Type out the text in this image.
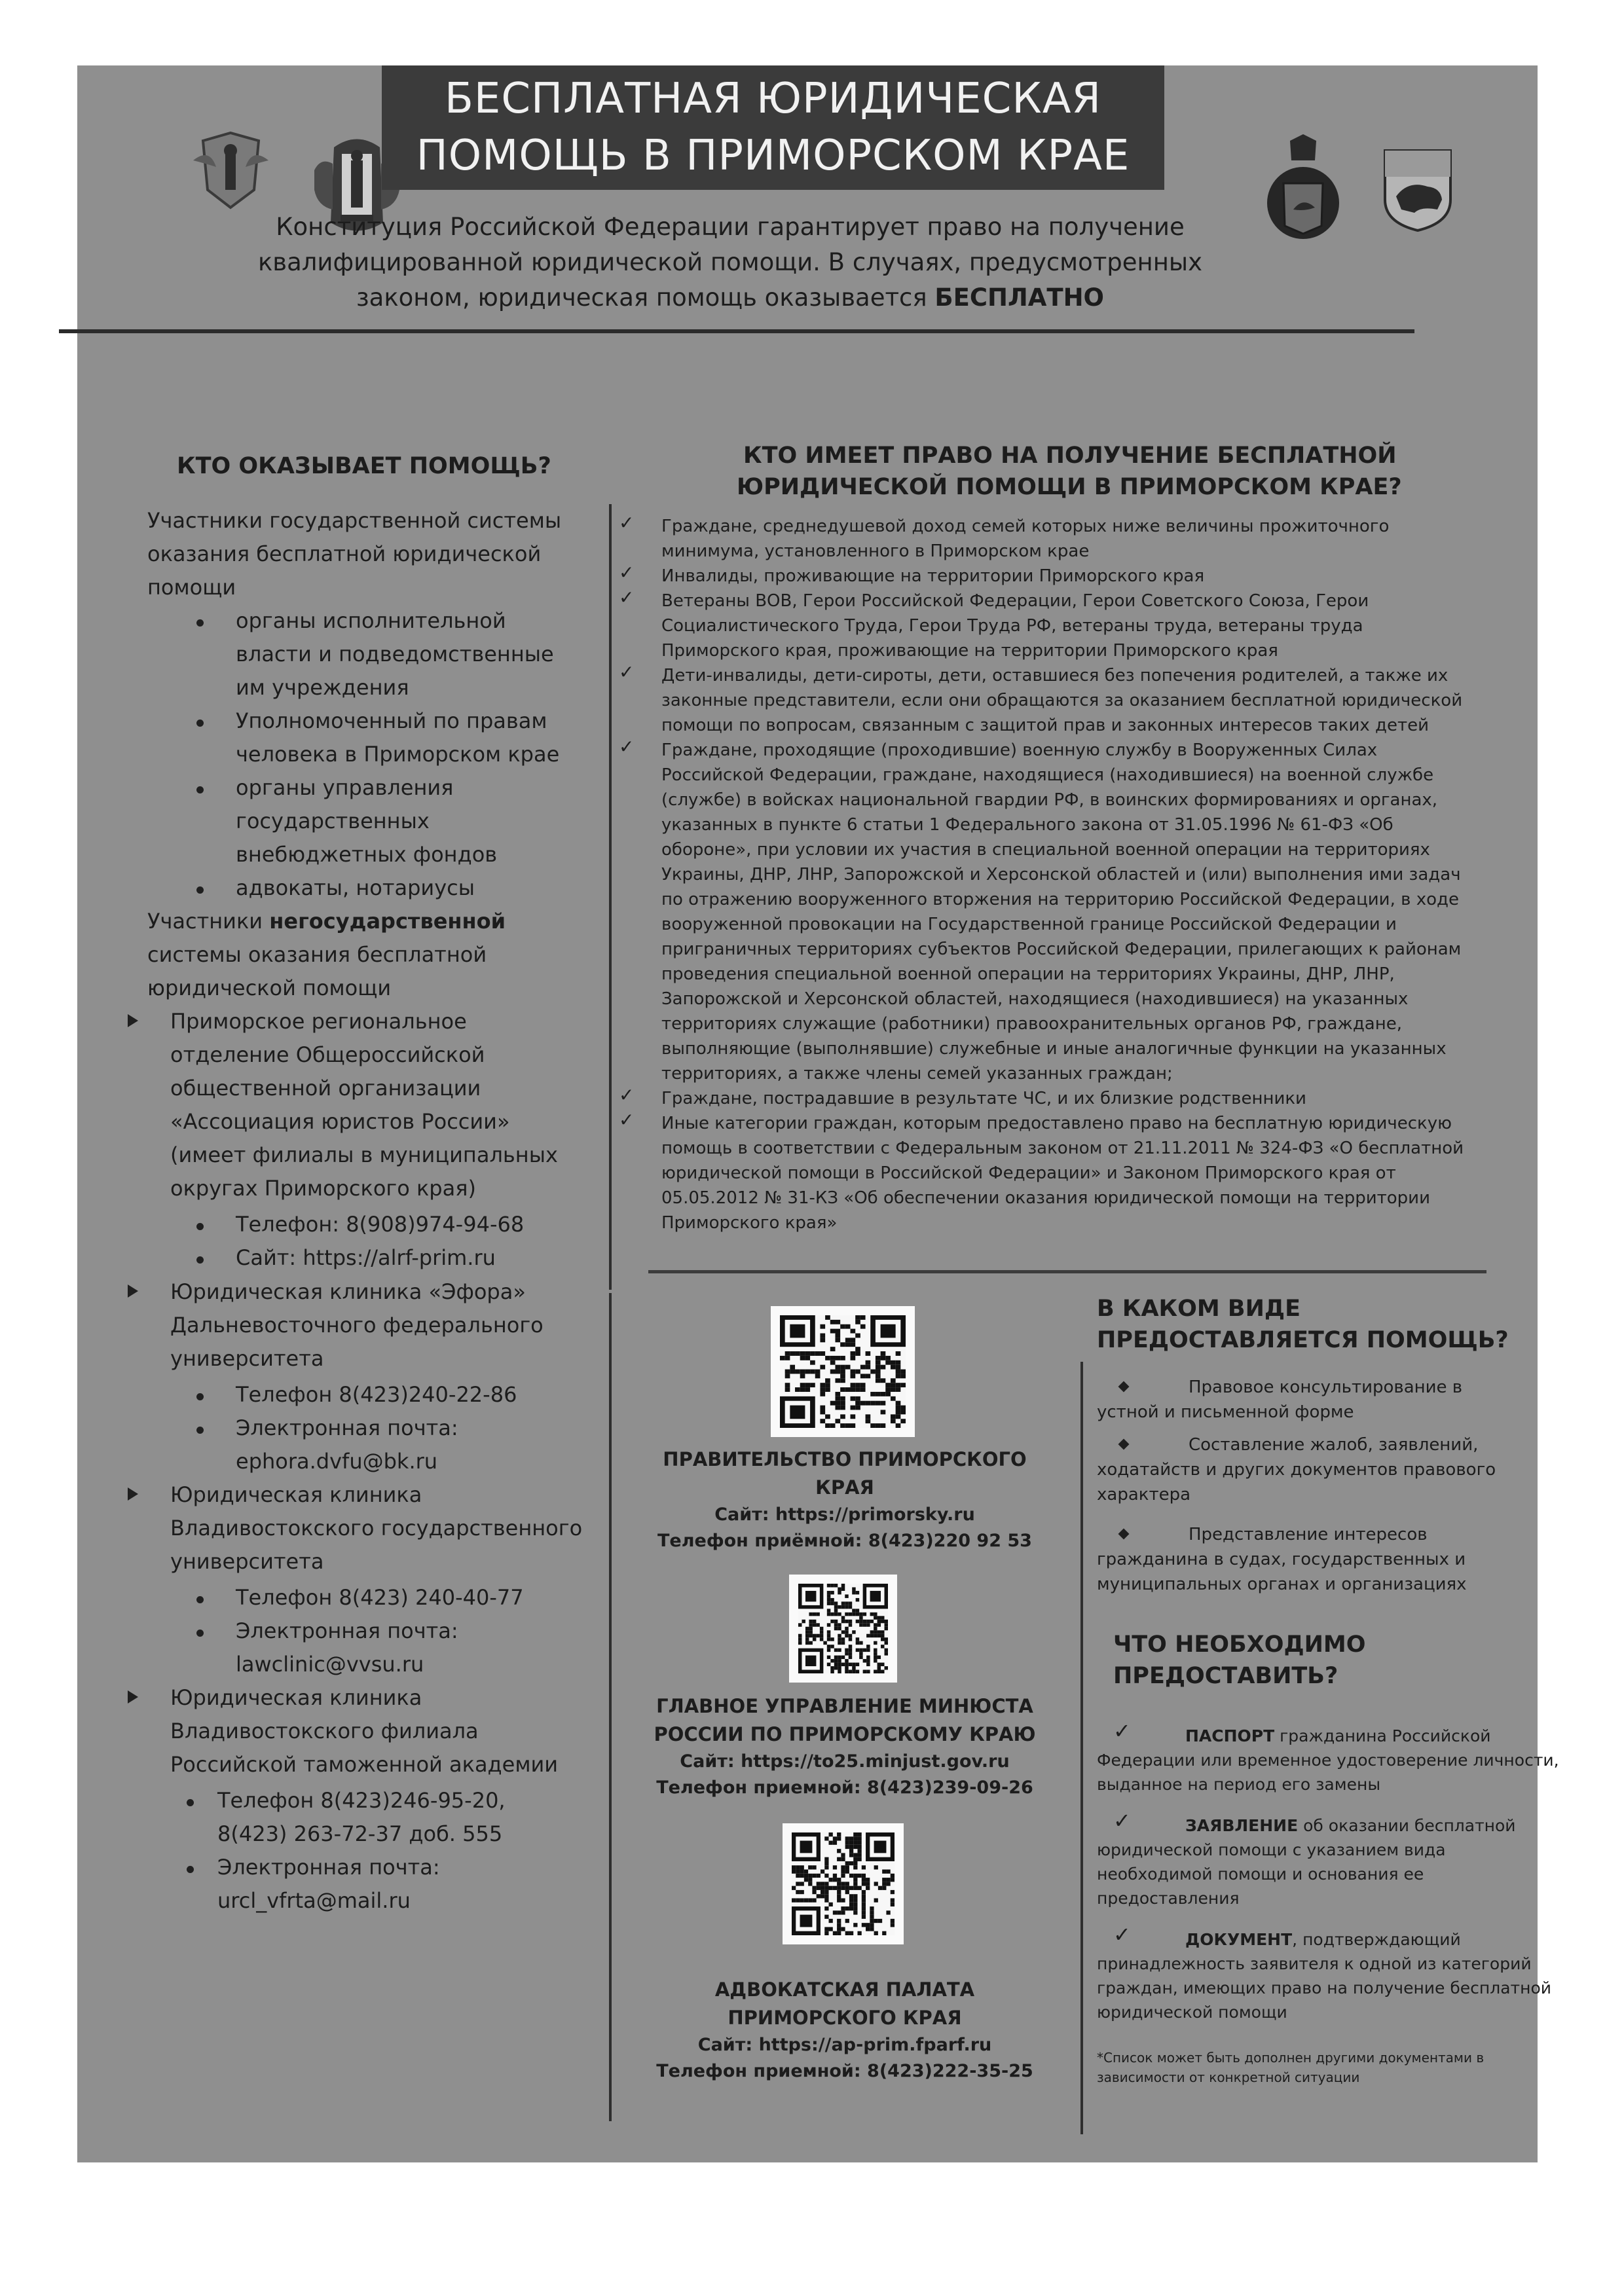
БЕСПЛАТНАЯ ЮРИДИЧЕСКАЯ
ПОМОЩЬ В ПРИМОРСКОМ КРАЕ
Конституция Российской Федерации гарантирует право на получение
квалифицированной юридической помощи. В случаях, предусмотренных
законом, юридическая помощь оказывается БЕСПЛАТНО

КТО ОКАЗЫВАЕТ ПОМОЩЬ?

Участники государственной системы

оказания бесплатной юридической

помощи

органы исполнительной

власти и подведомственные

им учреждения

Уполномоченный по правам

человека в Приморском крае

органы управления

государственных

внебюджетных фондов

адвокаты, нотариусы

Участники негосударственной

системы оказания бесплатной

юридической помощи

Приморское региональное

отделение Общероссийской

общественной организации

«Ассоциация юристов России»

(имеет филиалы в муниципальных

округах Приморского края)

Телефон: 8(908)974-94-68

Сайт: https://alrf-prim.ru

Юридическая клиника «Эфора»

Дальневосточного федерального

университета

Телефон 8(423)240-22-86

Электронная почта:

ephora.dvfu@bk.ru

Юридическая клиника

Владивостокского государственного

университета

Телефон 8(423) 240-40-77

Электронная почта:

lawclinic@vvsu.ru

Юридическая клиника

Владивостокского филиала

Российской таможенной академии

Телефон 8(423)246-95-20,

8(423) 263-72-37 доб. 555

Электронная почта:

urcl_vfrta@mail.ru

КТО ИМЕЕТ ПРАВО НА ПОЛУЧЕНИЕ БЕСПЛАТНОЙ

ЮРИДИЧЕСКОЙ ПОМОЩИ В ПРИМОРСКОМ КРАЕ?

✓ Граждане, среднедушевой доход семей которых ниже величины прожиточного

минимума, установленного в Приморском крае

✓ Инвалиды, проживающие на территории Приморского края

✓ Ветераны ВОВ, Герои Российской Федерации, Герои Советского Союза, Герои

Социалистического Труда, Герои Труда РФ, ветераны труда, ветераны труда

Приморского края, проживающие на территории Приморского края

✓ Дети-инвалиды, дети-сироты, дети, оставшиеся без попечения родителей, а также их

законные представители, если они обращаются за оказанием бесплатной юридической

помощи по вопросам, связанным с защитой прав и законных интересов таких детей

✓ Граждане, проходящие (проходившие) военную службу в Вооруженных Силах

Российской Федерации, граждане, находящиеся (находившиеся) на военной службе

(службе) в войсках национальной гвардии РФ, в воинских формированиях и органах,

указанных в пункте 6 статьи 1 Федерального закона от 31.05.1996 № 61-ФЗ «Об

обороне», при условии их участия в специальной военной операции на территориях

Украины, ДНР, ЛНР, Запорожской и Херсонской областей и (или) выполнения ими задач

по отражению вооруженного вторжения на территорию Российской Федерации, в ходе

вооруженной провокации на Государственной границе Российской Федерации и

приграничных территориях субъектов Российской Федерации, прилегающих к районам

проведения специальной военной операции на территориях Украины, ДНР, ЛНР,

Запорожской и Херсонской областей, находящиеся (находившиеся) на указанных

территориях служащие (работники) правоохранительных органов РФ, граждане,

выполняющие (выполнявшие) служебные и иные аналогичные функции на указанных

территориях, а также члены семей указанных граждан;

✓ Граждане, пострадавшие в результате ЧС, и их близкие родственники

✓ Иные категории граждан, которым предоставлено право на бесплатную юридическую

помощь в соответствии с Федеральным законом от 21.11.2011 № 324-ФЗ «О бесплатной

юридической помощи в Российской Федерации» и Законом Приморского края от

05.05.2012 № 31-КЗ «Об обеспечении оказания юридической помощи на территории

Приморского края»

ПРАВИТЕЛЬСТВО ПРИМОРСКОГО

КРАЯ

Сайт: https://primorsky.ru

Телефон приёмной: 8(423)220 92 53

ГЛАВНОЕ УПРАВЛЕНИЕ МИНЮСТА

РОССИИ ПО ПРИМОРСКОМУ КРАЮ

Сайт: https://to25.minjust.gov.ru

Телефон приемной: 8(423)239-09-26

АДВОКАТСКАЯ ПАЛАТА

ПРИМОРСКОГО КРАЯ

Сайт: https://ap-prim.fparf.ru

Телефон приемной: 8(423)222-35-25

В КАКОМ ВИДЕ

ПРЕДОСТАВЛЯЕТСЯ ПОМОЩЬ?

Правовое консультирование в

устной и письменной форме

Составление жалоб, заявлений,

ходатайств и других документов правового

характера

Представление интересов

гражданина в судах, государственных и

муниципальных органах и организациях

ЧТО НЕОБХОДИМО

ПРЕДОСТАВИТЬ?

✓	ПАСПОРТ гражданина Российской

Федерации или временное удостоверение личности,

выданное на период его замены

✓	ЗАЯВЛЕНИЕ об оказании бесплатной

юридической помощи с указанием вида

необходимой помощи и основания ее

предоставления

✓	ДОКУМЕНТ, подтверждающий

принадлежность заявителя к одной из категорий

граждан, имеющих право на получение бесплатной

юридической помощи

*Список может быть дополнен другими документами в

зависимости от конкретной ситуации
